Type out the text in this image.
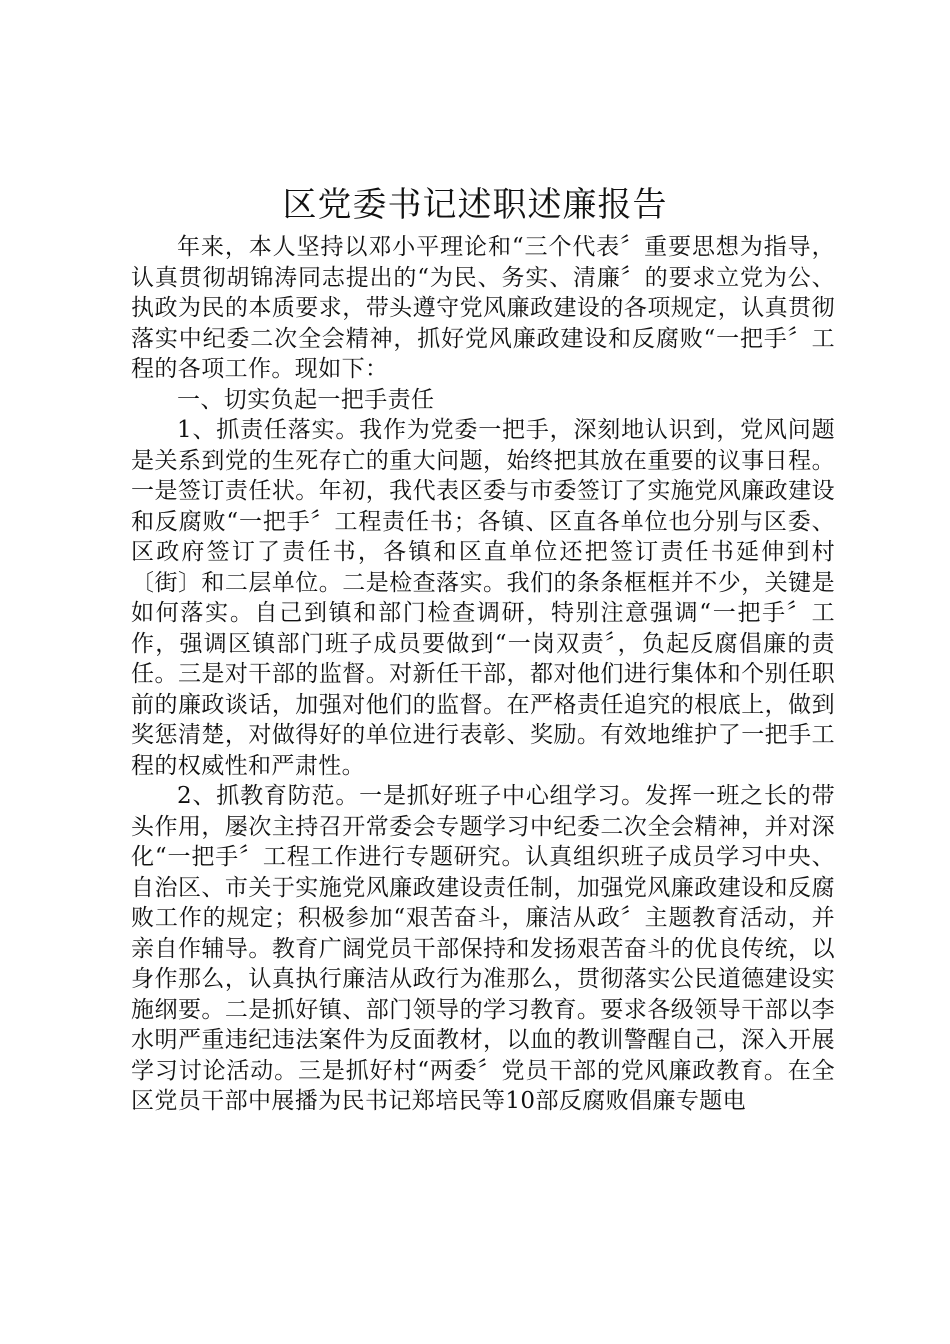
区党委书记述职述廉报告

年来，本人坚持以邓小平理论和“三个代表〞重要思想为指导，认真贯彻胡锦涛同志提出的“为民、务实、清廉〞的要求立党为公、执政为民的本质要求，带头遵守党风廉政建设的各项规定，认真贯彻落实中纪委二次全会精神，抓好党风廉政建设和反腐败“一把手〞工程的各项工作。现如下：

一、切实负起一把手责任

1、抓责任落实。我作为党委一把手，深刻地认识到，党风问题是关系到党的生死存亡的重大问题，始终把其放在重要的议事日程。一是签订责任状。年初，我代表区委与市委签订了实施党风廉政建设和反腐败“一把手〞工程责任书；各镇、区直各单位也分别与区委、区政府签订了责任书，各镇和区直单位还把签订责任书延伸到村〔街〕和二层单位。二是检查落实。我们的条条框框并不少，关键是如何落实。自己到镇和部门检查调研，特别注意强调“一把手〞工作，强调区镇部门班子成员要做到“一岗双责〞，负起反腐倡廉的责任。三是对干部的监督。对新任干部，都对他们进行集体和个别任职前的廉政谈话，加强对他们的监督。在严格责任追究的根底上，做到奖惩清楚，对做得好的单位进行表彰、奖励。有效地维护了一把手工程的权威性和严肃性。

2、抓教育防范。一是抓好班子中心组学习。发挥一班之长的带头作用，屡次主持召开常委会专题学习中纪委二次全会精神，并对深化“一把手〞工程工作进行专题研究。认真组织班子成员学习中央、自治区、市关于实施党风廉政建设责任制，加强党风廉政建设和反腐败工作的规定；积极参加“艰苦奋斗，廉洁从政〞主题教育活动，并亲自作辅导。教育广阔党员干部保持和发扬艰苦奋斗的优良传统，以身作那么，认真执行廉洁从政行为准那么，贯彻落实公民道德建设实施纲要。二是抓好镇、部门领导的学习教育。要求各级领导干部以李水明严重违纪违法案件为反面教材，以血的教训警醒自己，深入开展学习讨论活动。三是抓好村“两委〞党员干部的党风廉政教育。在全区党员干部中展播为民书记郑培民等10部反腐败倡廉专题电
